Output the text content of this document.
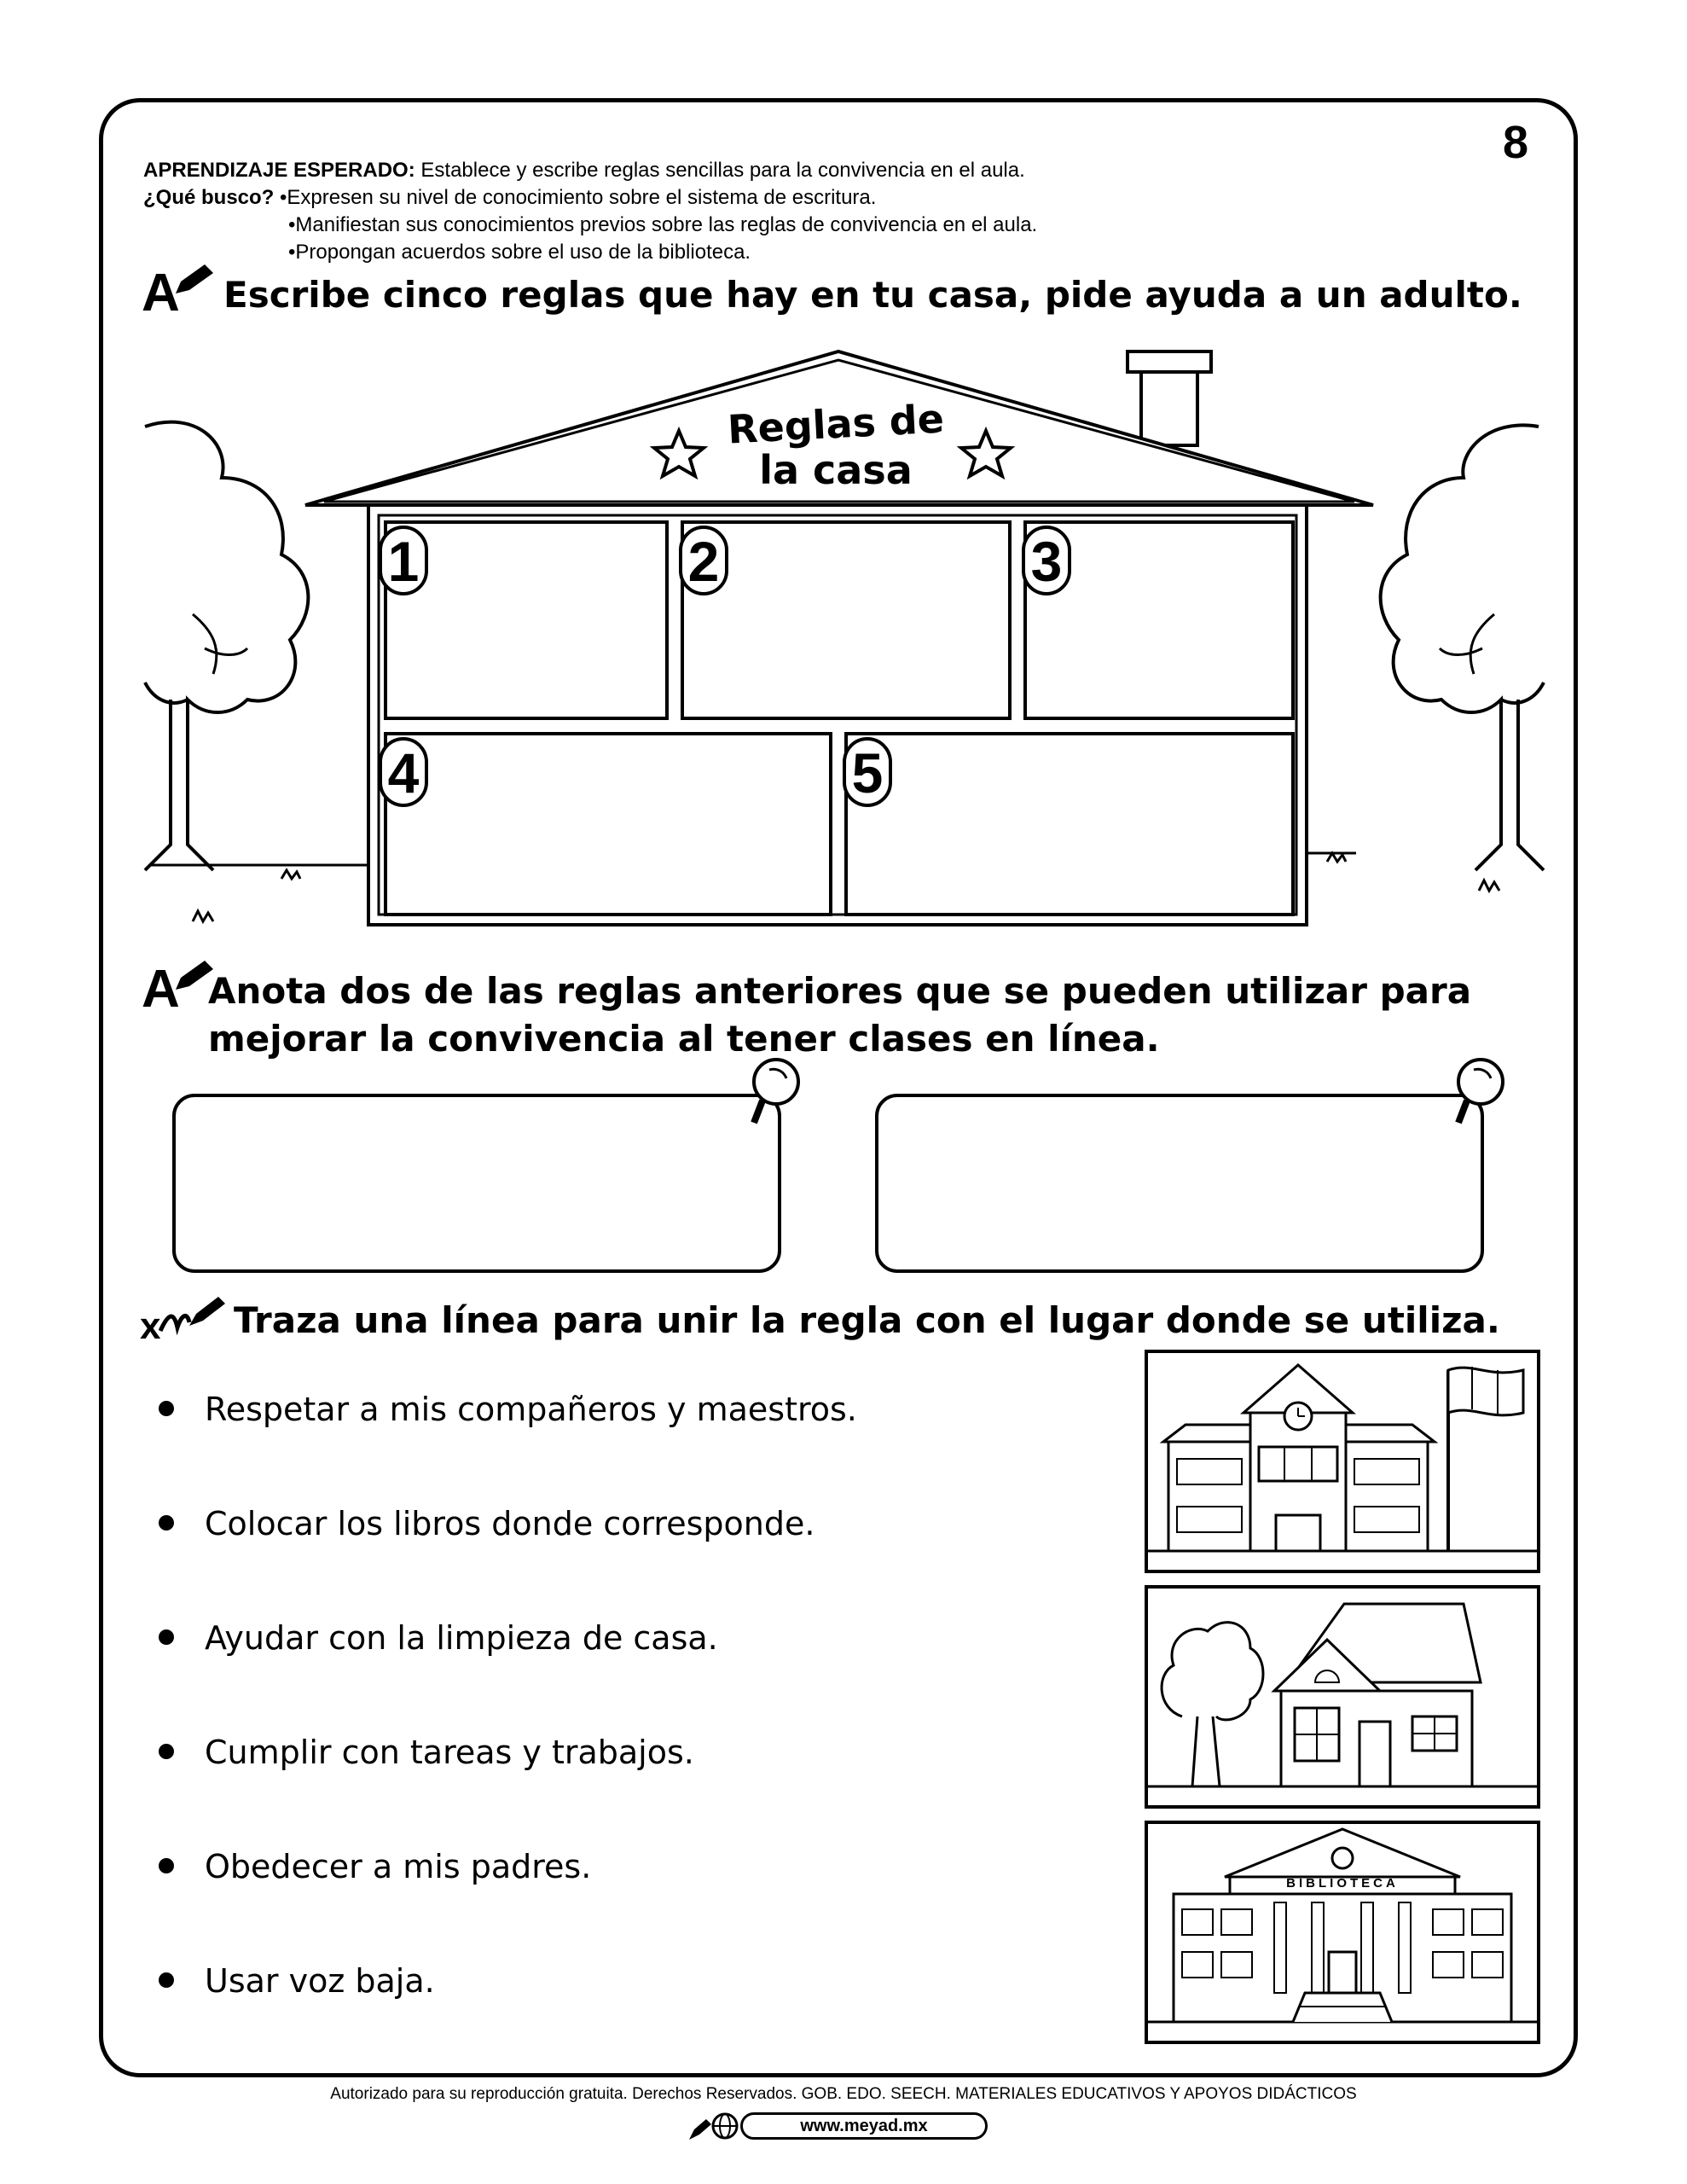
8
APRENDIZAJE ESPERADO: Establece y escribe reglas sencillas para la convivencia en el aula.
¿Qué busco? •Expresen su nivel de conocimiento sobre el sistema de escritura.
•Manifiestan sus conocimientos previos sobre las reglas de convivencia en el aula.
•Propongan acuerdos sobre el uso de la biblioteca.
A Escribe cinco reglas que hay en tu casa, pide ayuda a un adulto.
Reglas de
la casa
1	2	3
4	5
A Anota dos de las reglas anteriores que se pueden utilizar para
mejorar la convivencia al tener clases en línea.
x Traza una línea para unir la regla con el lugar donde se utiliza.
Respetar a mis compañeros y maestros.
Colocar los libros donde corresponde.
Ayudar con la limpieza de casa.
Cumplir con tareas y trabajos.
Obedecer a mis padres.
Usar voz baja.
BIBLIOTECA
Autorizado para su reproducción gratuita. Derechos Reservados. GOB. EDO. SEECH. MATERIALES EDUCATIVOS Y APOYOS DIDÁCTICOS
www.meyad.mx
